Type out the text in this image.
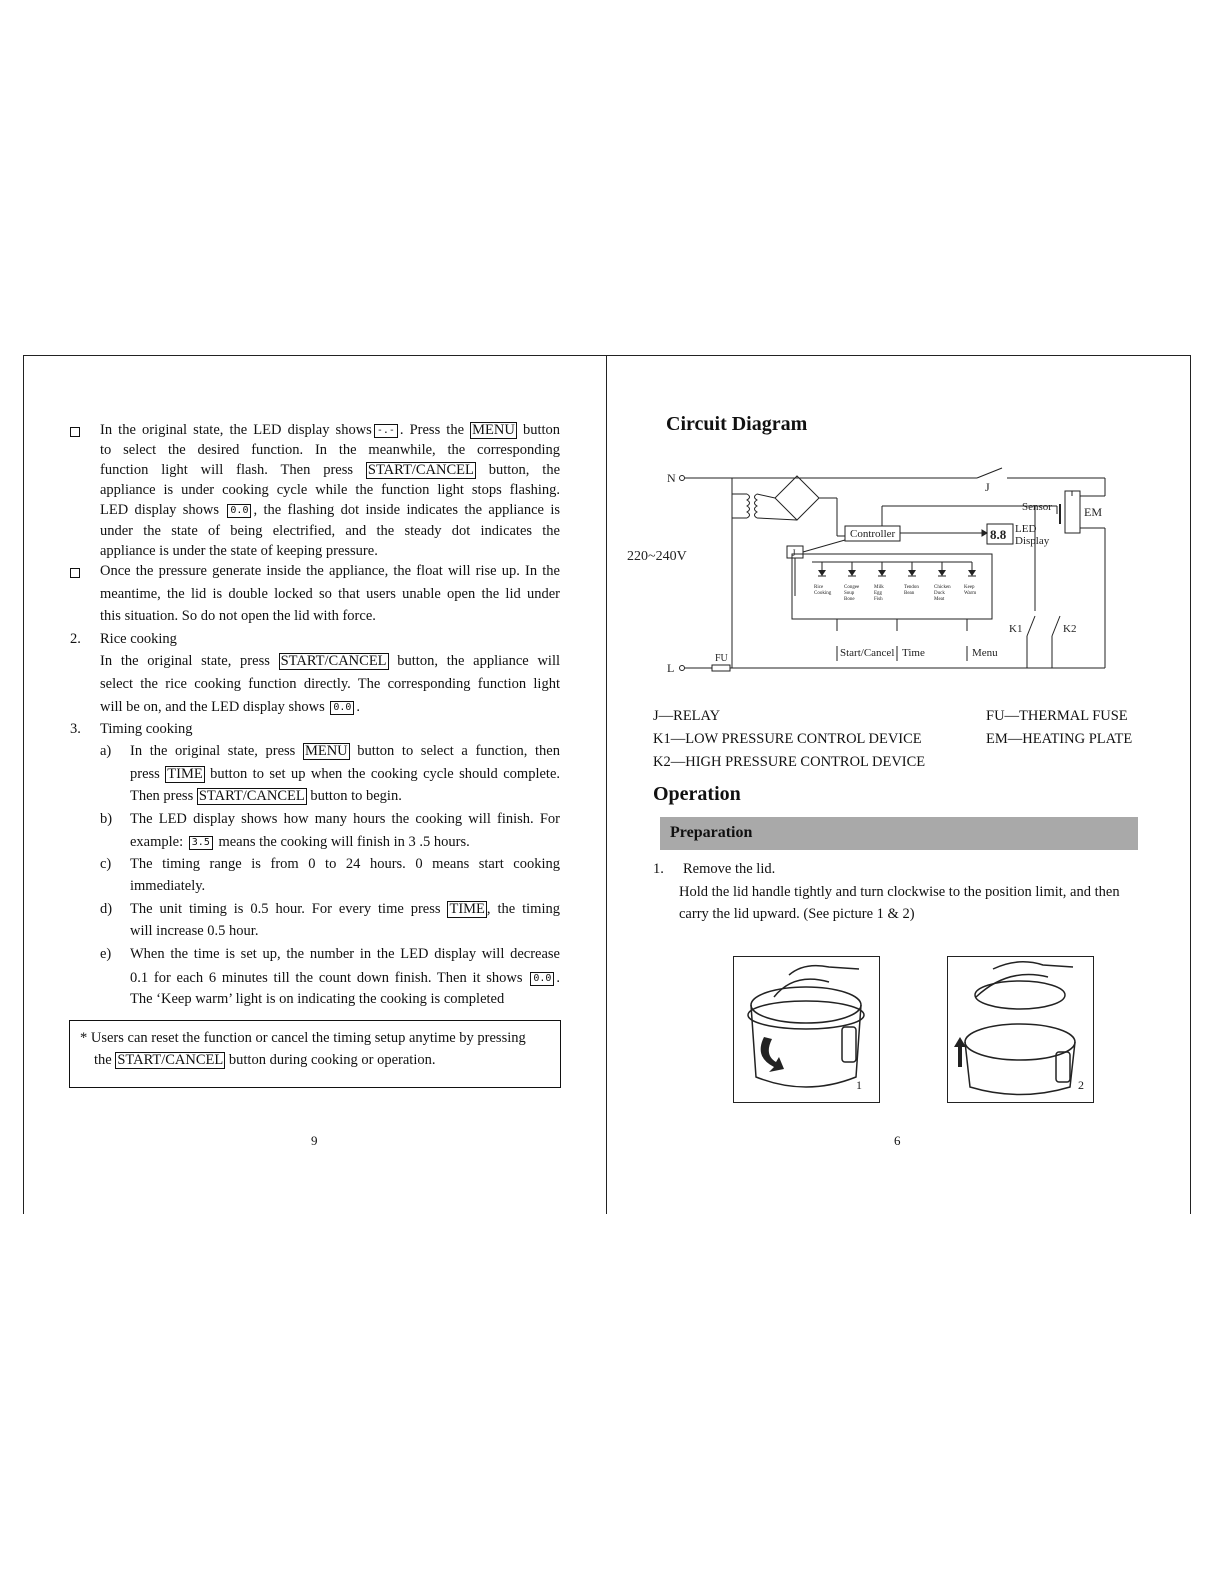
In the original state, the LED display shows -.- . Press the MENU button
to select the desired function. In the meanwhile, the corresponding
function light will flash. Then press START/CANCEL button, the
appliance is under cooking cycle while the function light stops flashing.
LED display shows 0.0 , the flashing dot inside indicates the appliance is
under the state of being electrified, and the steady dot indicates the
appliance is under the state of keeping pressure.
Once the pressure generate inside the appliance, the float will rise up. In the
meantime, the lid is double locked so that users unable open the lid under
this situation. So do not open the lid with force.
2. Rice cooking
In the original state, press START/CANCEL button, the appliance will
select the rice cooking function directly. The corresponding function light
will be on, and the LED display shows 0.0 .
3. Timing cooking
a) In the original state, press MENU button to select a function, then
press TIME button to set up when the cooking cycle should complete.
Then press START/CANCEL button to begin.
b) The LED display shows how many hours the cooking will finish. For
example: 3.5 means the cooking will finish in 3 .5 hours.
c) The timing range is from 0 to 24 hours. 0 means start cooking
immediately.
d) The unit timing is 0.5 hour. For every time press TIME , the timing
will increase 0.5 hour.
e) When the time is set up, the number in the LED display will decrease
0.1 for each 6 minutes till the count down finish. Then it shows 0.0 .
The ‘Keep warm’ light is on indicating the cooking is completed
* Users can reset the function or cancel the timing setup anytime by pressing
the START/CANCEL button during cooking or operation.
9
Circuit Diagram
Rice
Cooking
Congee
Soup
Bone
Milk
Egg
Fish
Tendon
Bean
Chicken
Duck
Meat
Keep
Warm
N
L
J
220~240V
Sensor	EM
Controller	8.8 LED
Display
J
FU
K1	K2
Start/Cancel Time	Menu
J—RELAY
K1—LOW PRESSURE CONTROL DEVICE
K2—HIGH PRESSURE CONTROL DEVICE
FU—THERMAL FUSE
EM—HEATING PLATE
Operation
Preparation
1. Remove the lid.
Hold the lid handle tightly and turn clockwise to the position limit, and then
carry the lid upward. (See picture 1 & 2)
1	2
6
